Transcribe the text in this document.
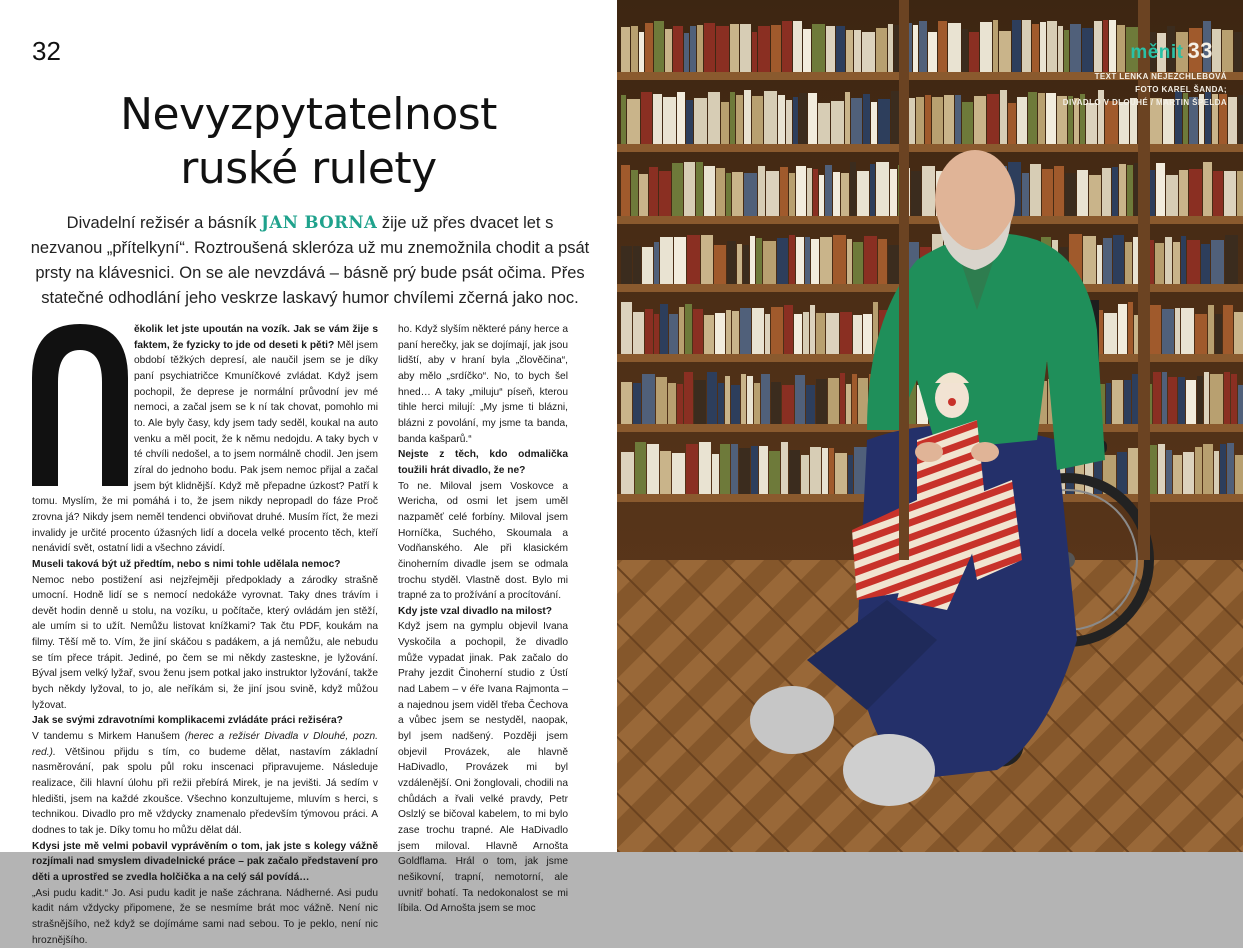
32
Nevyzpytatelnost
ruské rulety

Divadelní režisér a básník JAN BORNA žije už přes dvacet let s nezvanou „přítelkyní“. Roztroušená skleróza už mu znemožnila chodit a psát prsty na klávesnici. On se ale nevzdává – básně prý bude psát očima. Přes statečné odhodlání jeho veskrze laskavý humor chvílemi zčerná jako noc.

ěkolik let jste upoután na vozík. Jak se vám žije s faktem, že fyzicky to jde od deseti k pěti? Měl jsem období těžkých depresí, ale naučil jsem se je díky paní psychiatričce Kmuníčkové zvládat. Když jsem pochopil, že deprese je normální průvodní jev mé nemoci, a začal jsem se k ní tak chovat, pomohlo mi to. Ale byly časy, kdy jsem tady seděl, koukal na auto venku a měl pocit, že k němu nedojdu. A taky bych v té chvíli nedošel, a to jsem normálně chodil. Jen jsem zíral do jednoho bodu. Pak jsem nemoc přijal a začal jsem být klidnější. Když mě přepadne úzkost? Patří k tomu. Myslím, že mi pomáhá i to, že jsem nikdy nepropadl do fáze Proč zrovna já? Nikdy jsem neměl tendenci obviňovat druhé. Musím říct, že mezi invalidy je určité procento úžasných lidí a docela velké procento těch, kteří nenávidí svět, ostatní lidi a všechno závidí.

Museli taková být už předtím, nebo s nimi tohle udělala nemoc?

Nemoc nebo postižení asi nejzřejměji předpoklady a zárodky strašně umocní. Hodně lidí se s nemocí nedokáže vyrovnat. Taky dnes trávím i devět hodin denně u stolu, na vozíku, u počítače, který ovládám jen stěží, ale umím si to užít. Nemůžu listovat knížkami? Tak čtu PDF, koukám na filmy. Těší mě to. Vím, že jiní skáčou s padákem, a já nemůžu, ale nebudu se tím přece trápit. Jediné, po čem se mi někdy zasteskne, je lyžování. Býval jsem velký lyžař, svou ženu jsem potkal jako instruktor lyžování, takže bych někdy lyžoval, to jo, ale neříkám si, že jiní jsou svině, když můžou lyžovat.

Jak se svými zdravotními komplikacemi zvládáte práci režiséra?

V tandemu s Mirkem Hanušem (herec a režisér Divadla v Dlouhé, pozn. red.). Většinou přijdu s tím, co budeme dělat, nastavím základní nasměrování, pak spolu půl roku inscenaci připravujeme. Následuje realizace, čili hlavní úlohu při režii přebírá Mirek, je na jevišti. Já sedím v hledišti, jsem na každé zkoušce. Všechno konzultujeme, mluvím s herci, s technikou. Divadlo pro mě vždycky znamenalo především týmovou práci. A dodnes to tak je. Díky tomu ho můžu dělat dál.

Kdysi jste mě velmi pobavil vyprávěním o tom, jak jste s kolegy vážně rozjímali nad smyslem divadelnické práce – pak začalo představení pro děti a uprostřed se zvedla holčička a na celý sál povídá…

„Asi pudu kadit.“ Jo. Asi pudu kadit je naše záchrana. Nádherné. Asi pudu kadit nám vždycky připomene, že se nesmíme brát moc vážně. Není nic strašnějšího, než když se dojímáme sami nad sebou. To je peklo, není nic hroznějšího.

ho. Když slyším některé pány herce a paní herečky, jak se dojímají, jak jsou lidští, aby v hraní byla „člověčina“, aby mělo „srdíčko“. No, to bych šel hned… A taky „miluju“ píseň, kterou tihle herci milují: „My jsme ti blázni, blázni z povolání, my jsme ta banda, banda kašparů.“

Nejste z těch, kdo odmalička toužili hrát divadlo, že ne?

To ne. Miloval jsem Voskovce a Wericha, od osmi let jsem uměl nazpaměť celé forbíny. Miloval jsem Horníčka, Suchého, Skoumala a Vodňanského. Ale při klasickém činoherním divadle jsem se odmala trochu styděl. Vlastně dost. Bylo mi trapné za to prožívání a procítování.

Kdy jste vzal divadlo na milost?

Když jsem na gymplu objevil Ivana Vyskočila a pochopil, že divadlo může vypadat jinak. Pak začalo do Prahy jezdit Činoherní studio z Ústí nad Labem – v éře Ivana Rajmonta – a najednou jsem viděl třeba Čechova a vůbec jsem se nestyděl, naopak, byl jsem nadšený. Později jsem objevil Provázek, ale hlavně HaDivadlo, Provázek mi byl vzdálenější. Oni žonglovali, chodili na chůdách a řvali velké pravdy, Petr Oslzlý se bičoval kabelem, to mi bylo zase trochu trapné. Ale HaDivadlo jsem miloval. Hlavně Arnošta Goldflama. Hrál o tom, jak jsme nešikovní, trapní, nemotorní, ale uvnitř bohatí. Ta nedokonalost se mi líbila. Od Arnošta jsem se moc

měnit 33
TEXT LENKA NEJEZCHLEBOVÁ
FOTO KAREL ŠANDA;
DIVADLO V DLOUHÉ / MARTIN ŠPELDA
